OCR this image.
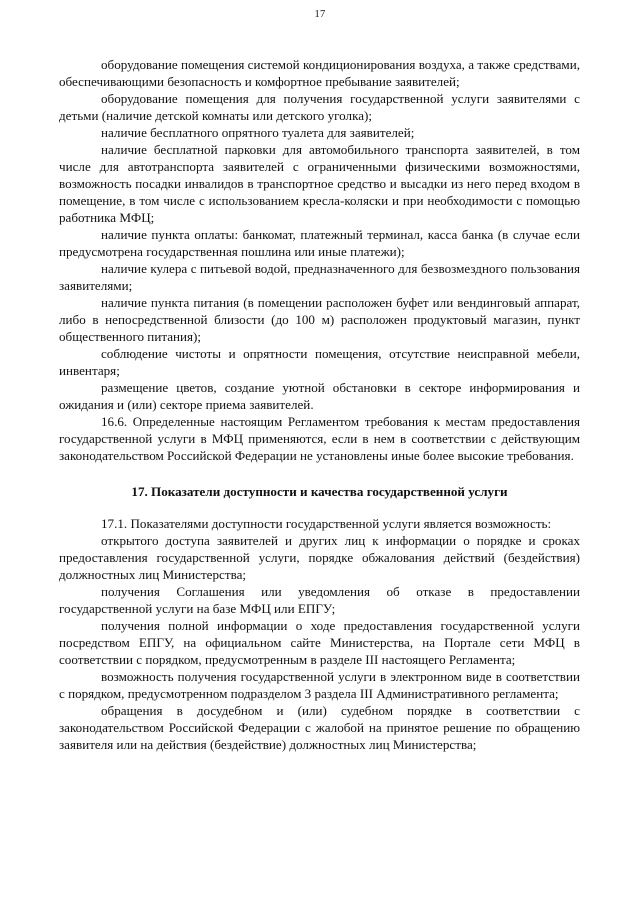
17

оборудование помещения системой кондиционирования воздуха, а также средствами, обеспечивающими безопасность и комфортное пребывание заявителей;

оборудование помещения для получения государственной услуги заявителями с детьми (наличие детской комнаты или детского уголка);

наличие бесплатного опрятного туалета для заявителей;

наличие бесплатной парковки для автомобильного транспорта заявителей, в том числе для автотранспорта заявителей с ограниченными физическими возможностями, возможность посадки инвалидов в транспортное средство и высадки из него перед входом в помещение, в том числе с использованием кресла-коляски и при необходимости с помощью работника МФЦ;

наличие пункта оплаты: банкомат, платежный терминал, касса банка (в случае если предусмотрена государственная пошлина или иные платежи);

наличие кулера с питьевой водой, предназначенного для безвозмездного пользования заявителями;

наличие пункта питания (в помещении расположен буфет или вендинговый аппарат, либо в непосредственной близости (до 100 м) расположен продуктовый магазин, пункт общественного питания);

соблюдение чистоты и опрятности помещения, отсутствие неисправной мебели, инвентаря;

размещение цветов, создание уютной обстановки в секторе информирования и ожидания и (или) секторе приема заявителей.

16.6. Определенные настоящим Регламентом требования к местам предоставления государственной услуги в МФЦ применяются, если в нем в соответствии с действующим законодательством Российской Федерации не установлены иные более высокие требования.

17. Показатели доступности и качества государственной услуги

17.1. Показателями доступности государственной услуги является возможность:

открытого доступа заявителей и других лиц к информации о порядке и сроках предоставления государственной услуги, порядке обжалования действий (бездействия) должностных лиц Министерства;

получения Соглашения или уведомления об отказе в предоставлении государственной услуги на базе МФЦ или ЕПГУ;

получения полной информации о ходе предоставления государственной услуги посредством ЕПГУ, на официальном сайте Министерства, на Портале сети МФЦ в соответствии с порядком, предусмотренным в разделе III настоящего Регламента;

возможность получения государственной услуги в электронном виде в соответствии с порядком, предусмотренном подразделом 3 раздела III Административного регламента;

обращения в досудебном и (или) судебном порядке в соответствии с законодательством Российской Федерации с жалобой на принятое решение по обращению заявителя или на действия (бездействие) должностных лиц Министерства;
